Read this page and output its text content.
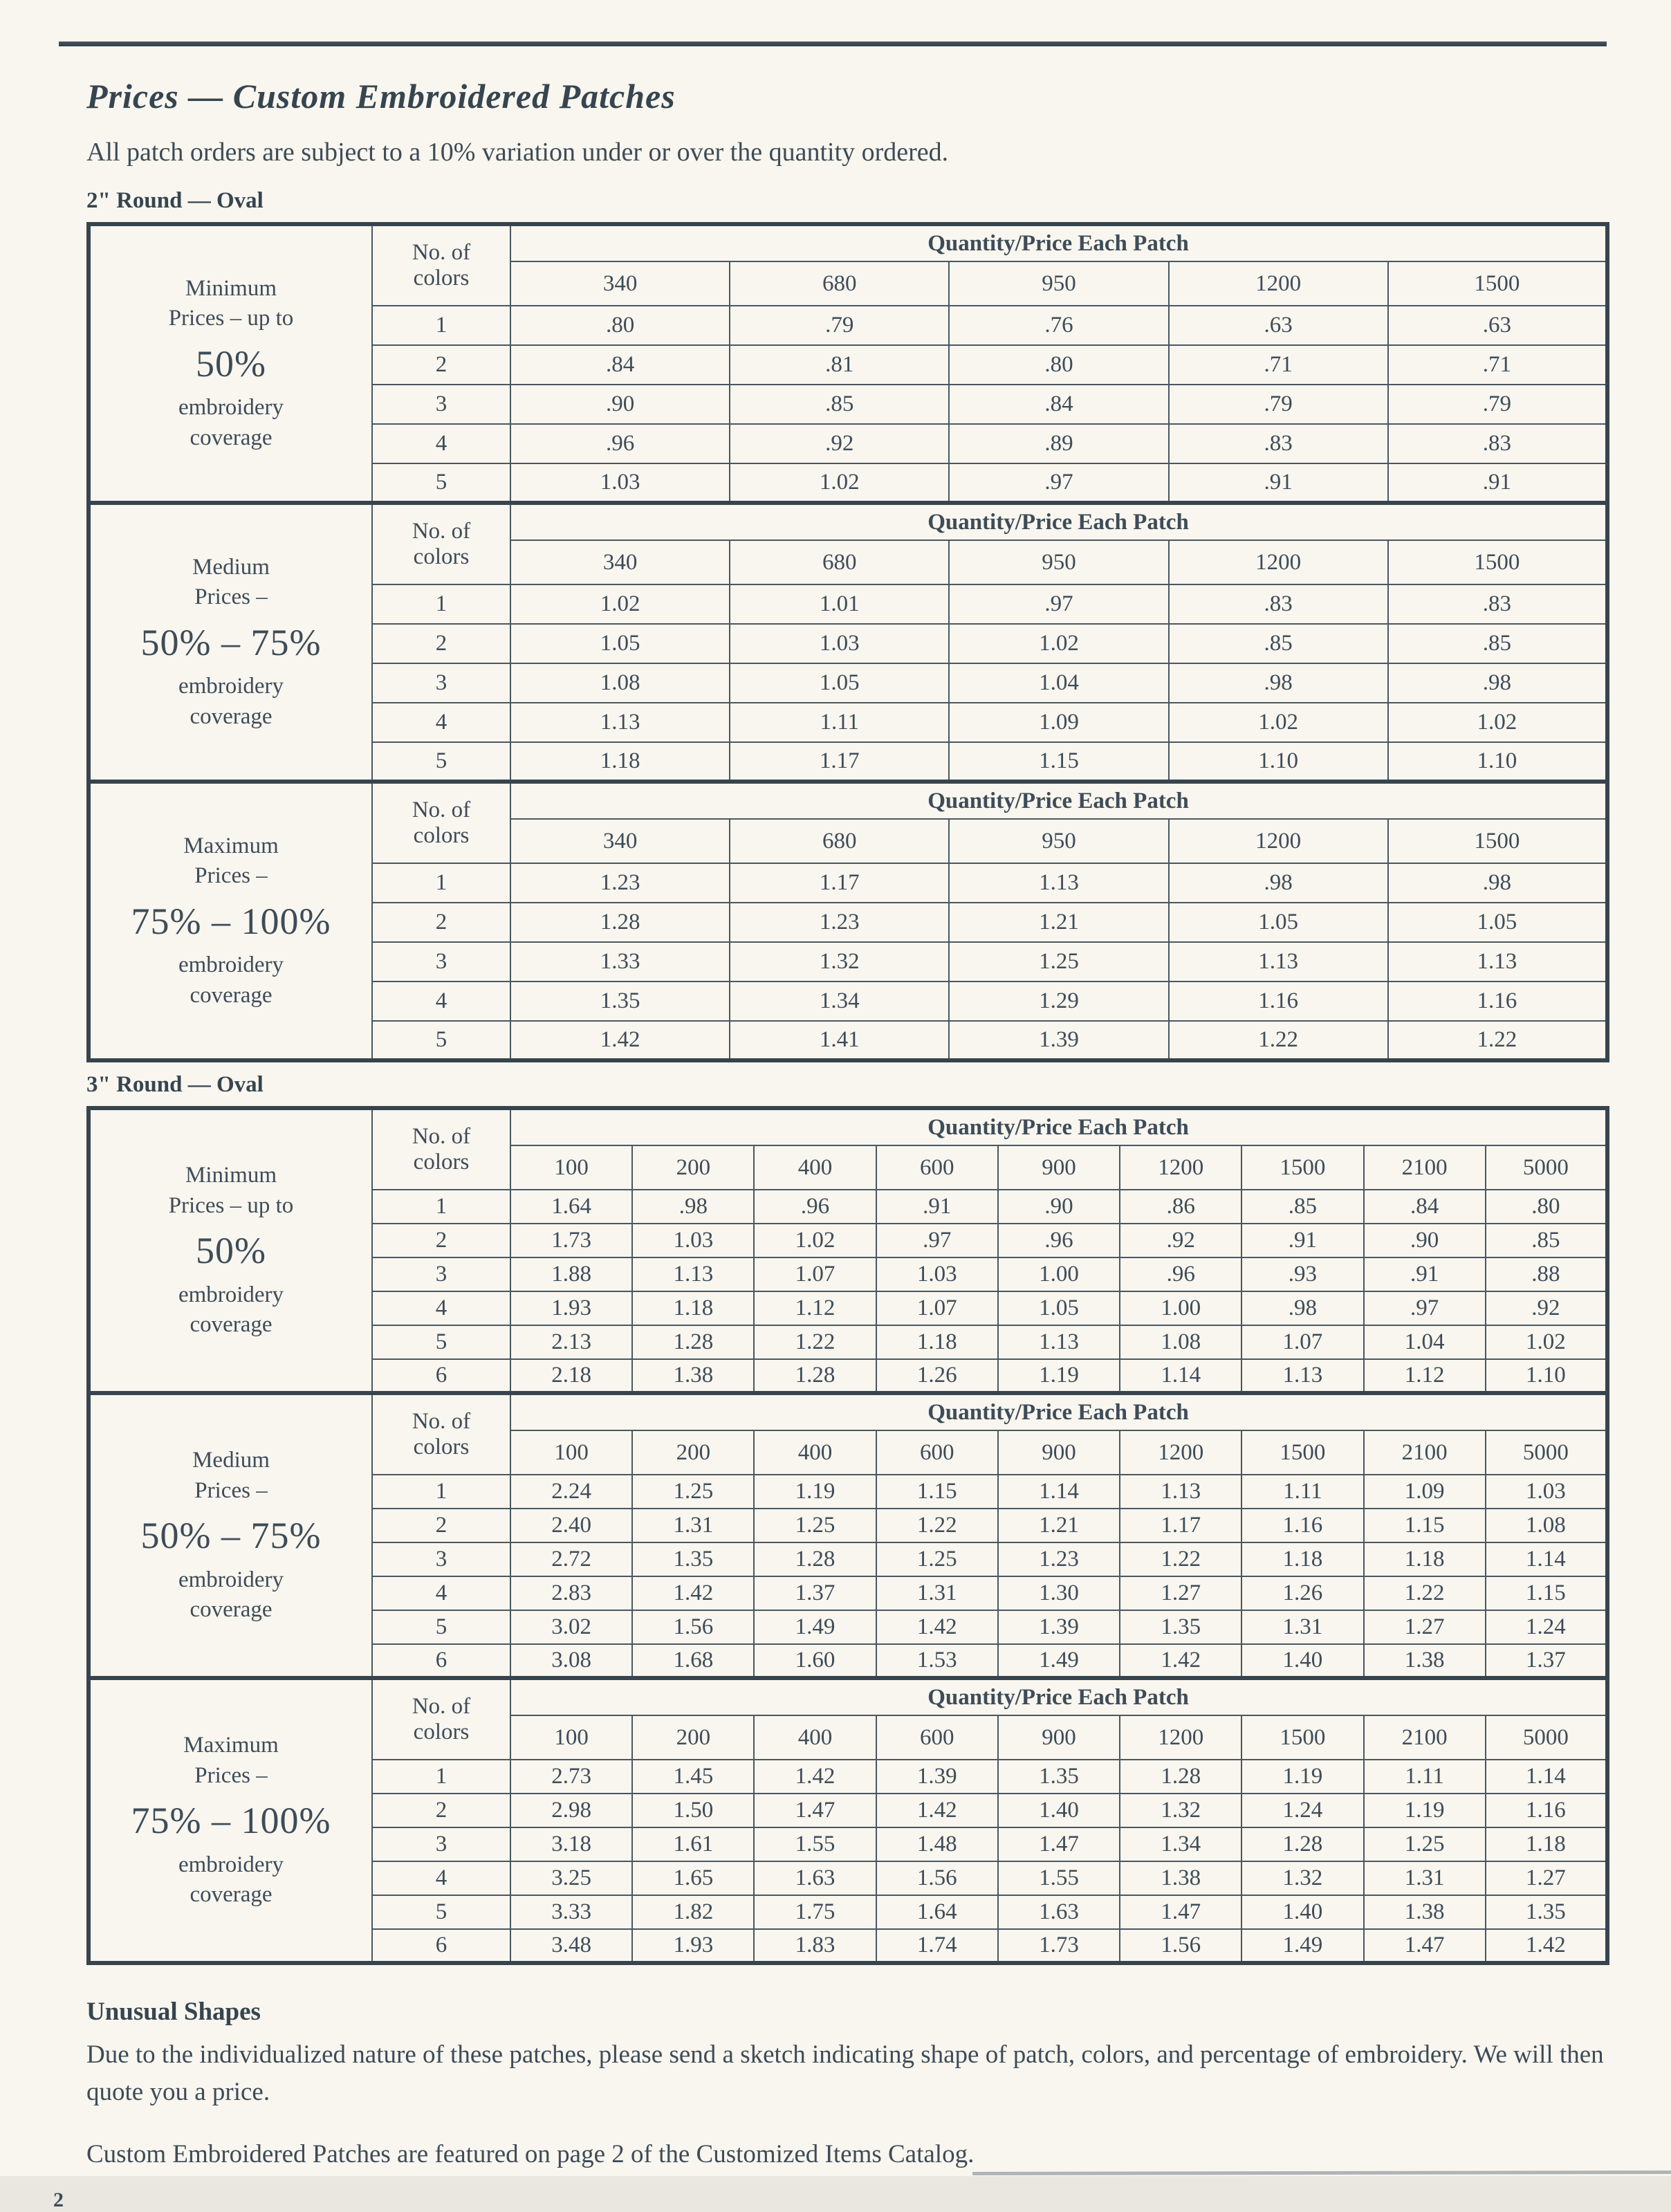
Prices — Custom Embroidered Patches

All patch orders are subject to a 10% variation under or over the quantity ordered.

2" Round — Oval
Minimum
Prices – up to
50%
embroidery
coverage

No. of
colors
	Quantity/Price Each Patch
		340	680	950	1200	1500
	1	.80	.79	.76	.63	.63
	2	.84	.81	.80	.71	.71
	3	.90	.85	.84	.79	.79
	4	.96	.92	.89	.83	.83
	5	1.03	1.02	.97	.91	.91
Medium
Prices –
50% – 75%
embroidery
coverage

No. of
colors
	Quantity/Price Each Patch
		340	680	950	1200	1500
	1	1.02	1.01	.97	.83	.83
	2	1.05	1.03	1.02	.85	.85
	3	1.08	1.05	1.04	.98	.98
	4	1.13	1.11	1.09	1.02	1.02
	5	1.18	1.17	1.15	1.10	1.10
Maximum
Prices –
75% – 100%
embroidery
coverage

No. of
colors
	Quantity/Price Each Patch
		340	680	950	1200	1500
	1	1.23	1.17	1.13	.98	.98
	2	1.28	1.23	1.21	1.05	1.05
	3	1.33	1.32	1.25	1.13	1.13
	4	1.35	1.34	1.29	1.16	1.16
	5	1.42	1.41	1.39	1.22	1.22
3" Round — Oval
Minimum
Prices – up to
50%
embroidery
coverage

No. of
colors
	Quantity/Price Each Patch
		100	200	400	600	900	1200	1500	2100	5000
	1	1.64	.98	.96	.91	.90	.86	.85	.84	.80
	2	1.73	1.03	1.02	.97	.96	.92	.91	.90	.85
	3	1.88	1.13	1.07	1.03	1.00	.96	.93	.91	.88
	4	1.93	1.18	1.12	1.07	1.05	1.00	.98	.97	.92
	5	2.13	1.28	1.22	1.18	1.13	1.08	1.07	1.04	1.02
	6	2.18	1.38	1.28	1.26	1.19	1.14	1.13	1.12	1.10
Medium
Prices –
50% – 75%
embroidery
coverage

No. of
colors
	Quantity/Price Each Patch
		100	200	400	600	900	1200	1500	2100	5000
	1	2.24	1.25	1.19	1.15	1.14	1.13	1.11	1.09	1.03
	2	2.40	1.31	1.25	1.22	1.21	1.17	1.16	1.15	1.08
	3	2.72	1.35	1.28	1.25	1.23	1.22	1.18	1.18	1.14
	4	2.83	1.42	1.37	1.31	1.30	1.27	1.26	1.22	1.15
	5	3.02	1.56	1.49	1.42	1.39	1.35	1.31	1.27	1.24
	6	3.08	1.68	1.60	1.53	1.49	1.42	1.40	1.38	1.37
Maximum
Prices –
75% – 100%
embroidery
coverage

No. of
colors
	Quantity/Price Each Patch
		100	200	400	600	900	1200	1500	2100	5000
	1	2.73	1.45	1.42	1.39	1.35	1.28	1.19	1.11	1.14
	2	2.98	1.50	1.47	1.42	1.40	1.32	1.24	1.19	1.16
	3	3.18	1.61	1.55	1.48	1.47	1.34	1.28	1.25	1.18
	4	3.25	1.65	1.63	1.56	1.55	1.38	1.32	1.31	1.27
	5	3.33	1.82	1.75	1.64	1.63	1.47	1.40	1.38	1.35
	6	3.48	1.93	1.83	1.74	1.73	1.56	1.49	1.47	1.42
Unusual Shapes

Due to the individualized nature of these patches, please send a sketch indicating shape of patch, colors, and percentage of embroidery. We will then quote you a price.

Custom Embroidered Patches are featured on page 2 of the Customized Items Catalog.

2
